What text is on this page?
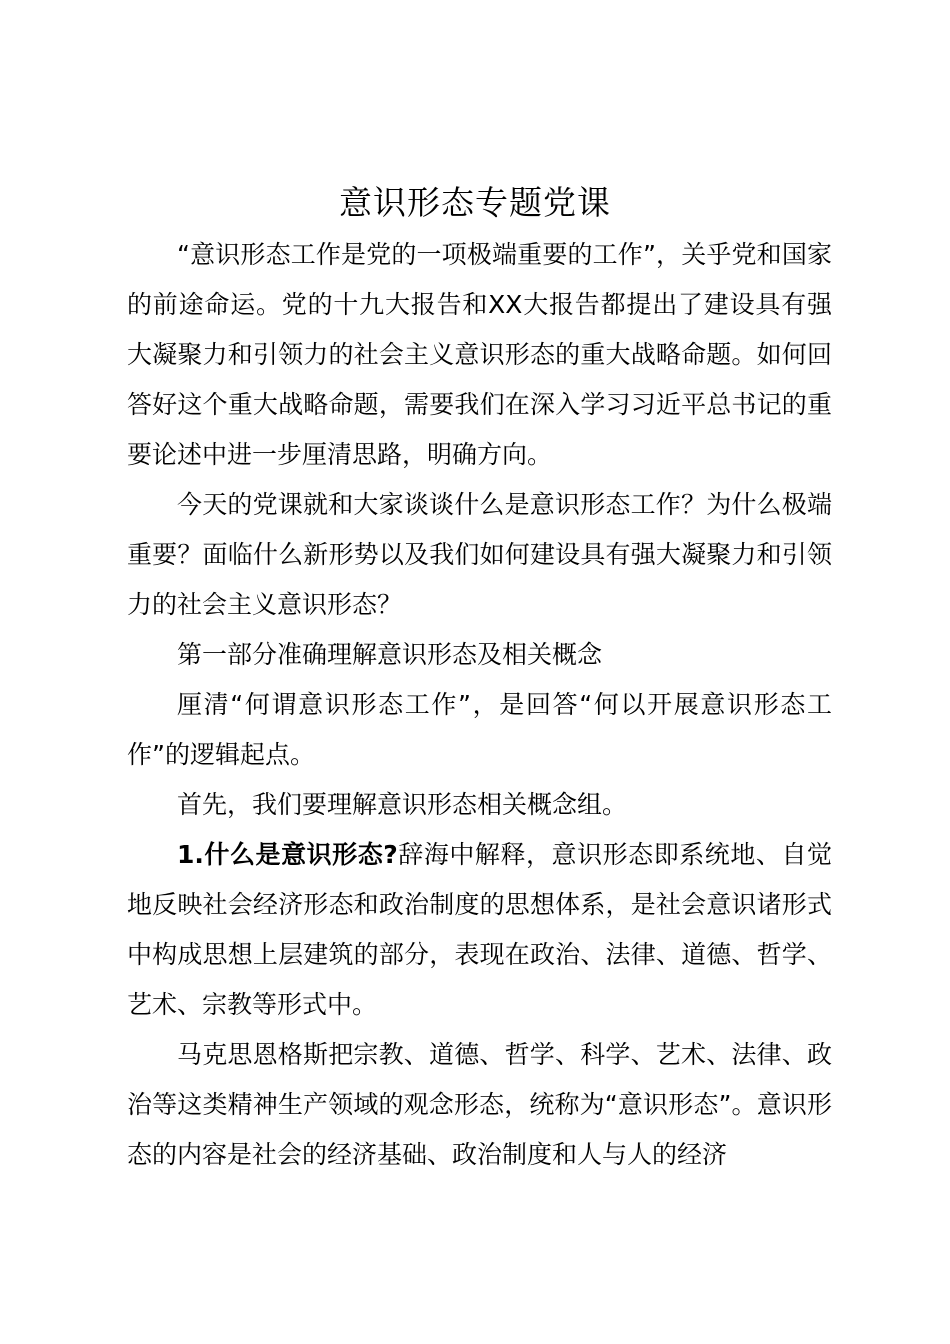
意识形态专题党课

“意识形态工作是党的一项极端重要的工作”，关乎党和国家的前途命运。党的十九大报告和XX大报告都提出了建设具有强大凝聚力和引领力的社会主义意识形态的重大战略命题。如何回答好这个重大战略命题，需要我们在深入学习习近平总书记的重要论述中进一步厘清思路，明确方向。

今天的党课就和大家谈谈什么是意识形态工作？为什么极端重要？面临什么新形势以及我们如何建设具有强大凝聚力和引领力的社会主义意识形态？

第一部分准确理解意识形态及相关概念

厘清“何谓意识形态工作”，是回答“何以开展意识形态工作”的逻辑起点。

首先，我们要理解意识形态相关概念组。

1.什么是意识形态?辞海中解释，意识形态即系统地、自觉地反映社会经济形态和政治制度的思想体系，是社会意识诸形式中构成思想上层建筑的部分，表现在政治、法律、道德、哲学、艺术、宗教等形式中。

马克思恩格斯把宗教、道德、哲学、科学、艺术、法律、政治等这类精神生产领域的观念形态，统称为“意识形态”。意识形态的内容是社会的经济基础、政治制度和人与人的经济
